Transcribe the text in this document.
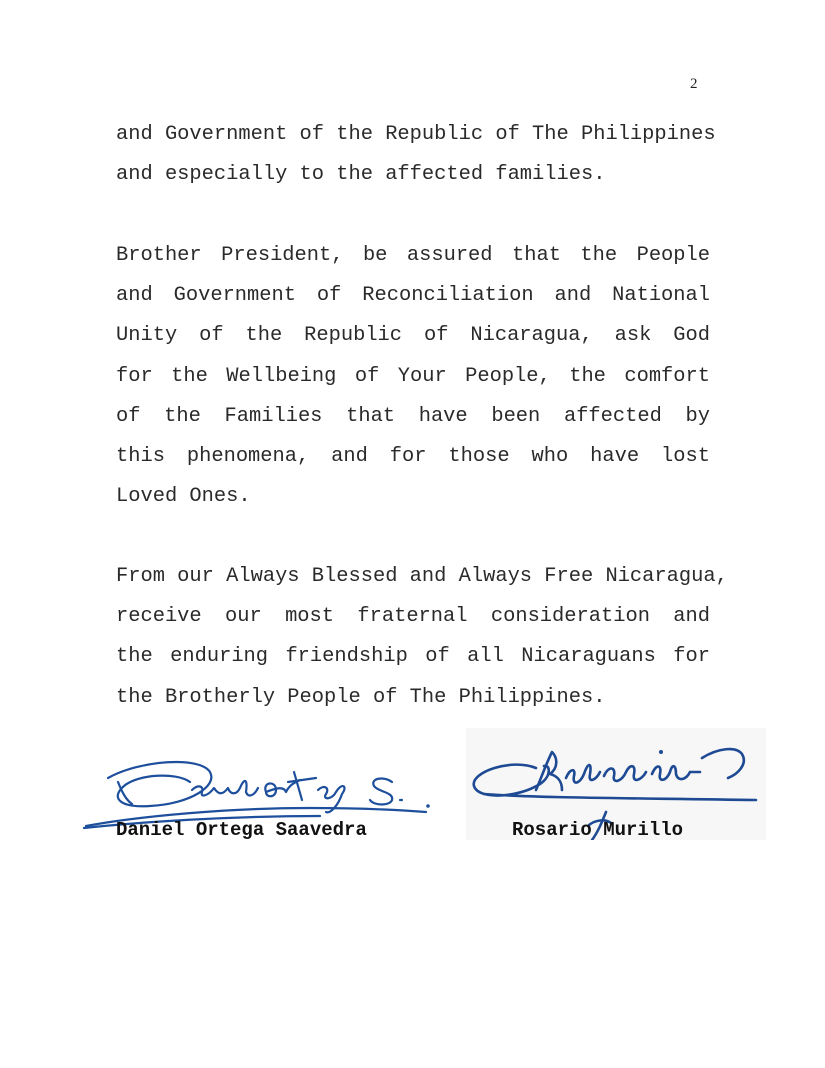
2
and Government of the Republic of The Philippines
and especially to the affected families.
Brother President, be assured that the People
and Government of Reconciliation and National
Unity of the Republic of Nicaragua, ask God
for the Wellbeing of Your People, the comfort
of the Families that have been affected by
this phenomena, and for those who have lost
Loved Ones.
From our Always Blessed and Always Free Nicaragua,
receive our most fraternal consideration and
the enduring friendship of all Nicaraguans for
the Brotherly People of The Philippines.
Daniel Ortega Saavedra	Rosario Murillo
